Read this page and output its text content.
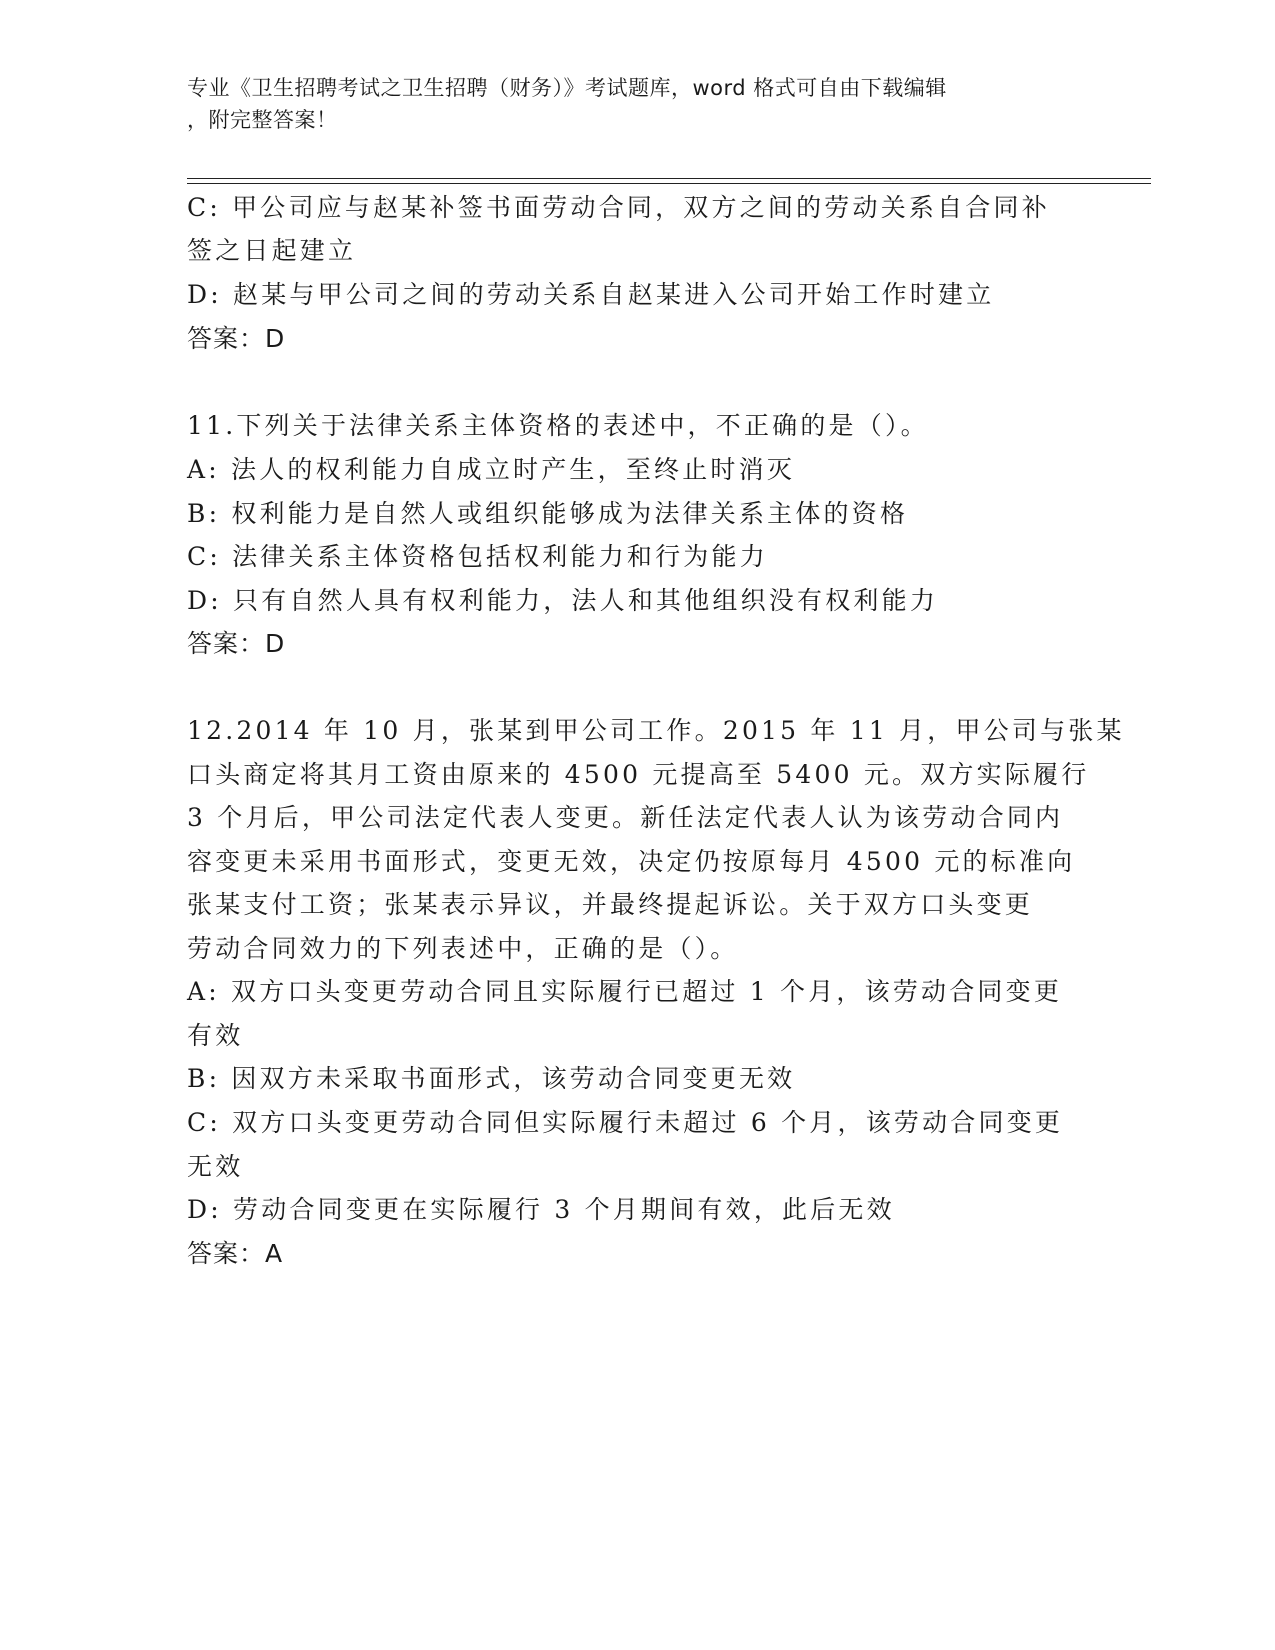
专业《卫生招聘考试之卫生招聘（财务）》考试题库，word 格式可自由下载编辑
，附完整答案！
C: 甲公司应与赵某补签书面劳动合同，双方之间的劳动关系自合同补
签之日起建立
D: 赵某与甲公司之间的劳动关系自赵某进入公司开始工作时建立
答案：D
11.下列关于法律关系主体资格的表述中，不正确的是（）。
A: 法人的权利能力自成立时产生，至终止时消灭
B: 权利能力是自然人或组织能够成为法律关系主体的资格
C: 法律关系主体资格包括权利能力和行为能力
D: 只有自然人具有权利能力，法人和其他组织没有权利能力
答案：D
12.2014 年 10 月，张某到甲公司工作。2015 年 11 月，甲公司与张某
口头商定将其月工资由原来的 4500 元提高至 5400 元。双方实际履行
3 个月后，甲公司法定代表人变更。新任法定代表人认为该劳动合同内
容变更未采用书面形式，变更无效，决定仍按原每月 4500 元的标准向
张某支付工资；张某表示异议，并最终提起诉讼。关于双方口头变更
劳动合同效力的下列表述中，正确的是（）。
A: 双方口头变更劳动合同且实际履行已超过 1 个月，该劳动合同变更
有效
B: 因双方未采取书面形式，该劳动合同变更无效
C: 双方口头变更劳动合同但实际履行未超过 6 个月，该劳动合同变更
无效
D: 劳动合同变更在实际履行 3 个月期间有效，此后无效
答案：A
